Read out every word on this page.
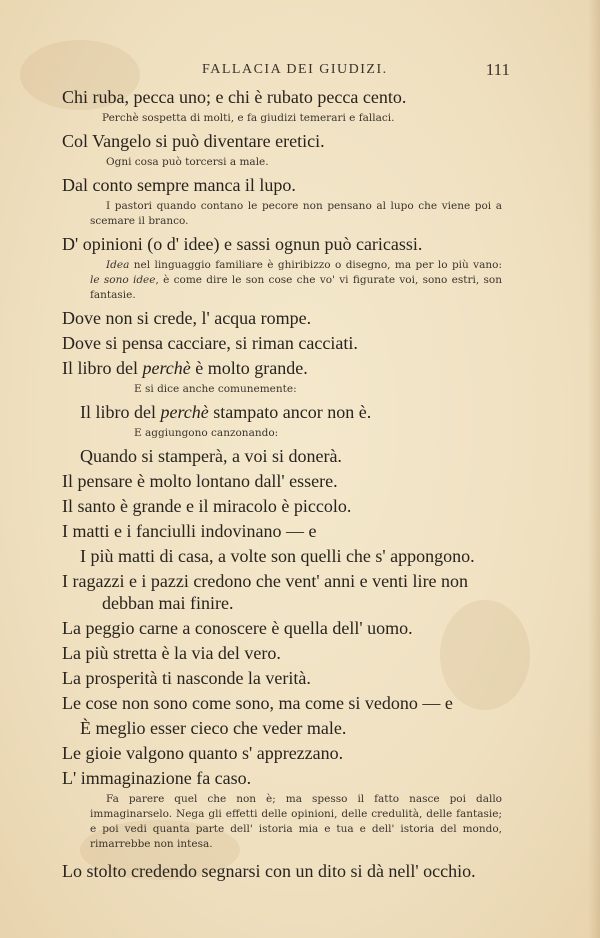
FALLACIA DEI GIUDIZI.	111

Chi ruba, pecca uno; e chi è rubato pecca cento.

Perchè sospetta di molti, e fa giudizi temerari e fallaci.

Col Vangelo si può diventare eretici.

Ogni cosa può torcersi a male.

Dal conto sempre manca il lupo.

I pastori quando contano le pecore non pensano al lupo che viene poi a scemare il branco.

D' opinioni (o d' idee) e sassi ognun può caricassi.

Idea nel linguaggio familiare è ghiribizzo o disegno, ma per lo più vano: le sono idee, è come dire le son cose che vo' vi figurate voi, sono estri, son fantasie.

Dove non si crede, l' acqua rompe.

Dove si pensa cacciare, si riman cacciati.

Il libro del perchè è molto grande.

E si dice anche comunemente:

Il libro del perchè stampato ancor non è.

E aggiungono canzonando:

Quando si stamperà, a voi si donerà.

Il pensare è molto lontano dall' essere.

Il santo è grande e il miracolo è piccolo.

I matti e i fanciulli indovinano — e

I più matti di casa, a volte son quelli che s' appongono.

I ragazzi e i pazzi credono che vent' anni e venti lire non debban mai finire.

La peggio carne a conoscere è quella dell' uomo.

La più stretta è la via del vero.

La prosperità ti nasconde la verità.

Le cose non sono come sono, ma come si vedono — e

È meglio esser cieco che veder male.

Le gioie valgono quanto s' apprezzano.

L' immaginazione fa caso.

Fa parere quel che non è; ma spesso il fatto nasce poi dallo immaginarselo. Nega gli effetti delle opinioni, delle credulità, delle fantasie; e poi vedi quanta parte dell' istoria mia e tua e dell' istoria del mondo, rimarrebbe non intesa.

Lo stolto credendo segnarsi con un dito si dà nell' occhio.
